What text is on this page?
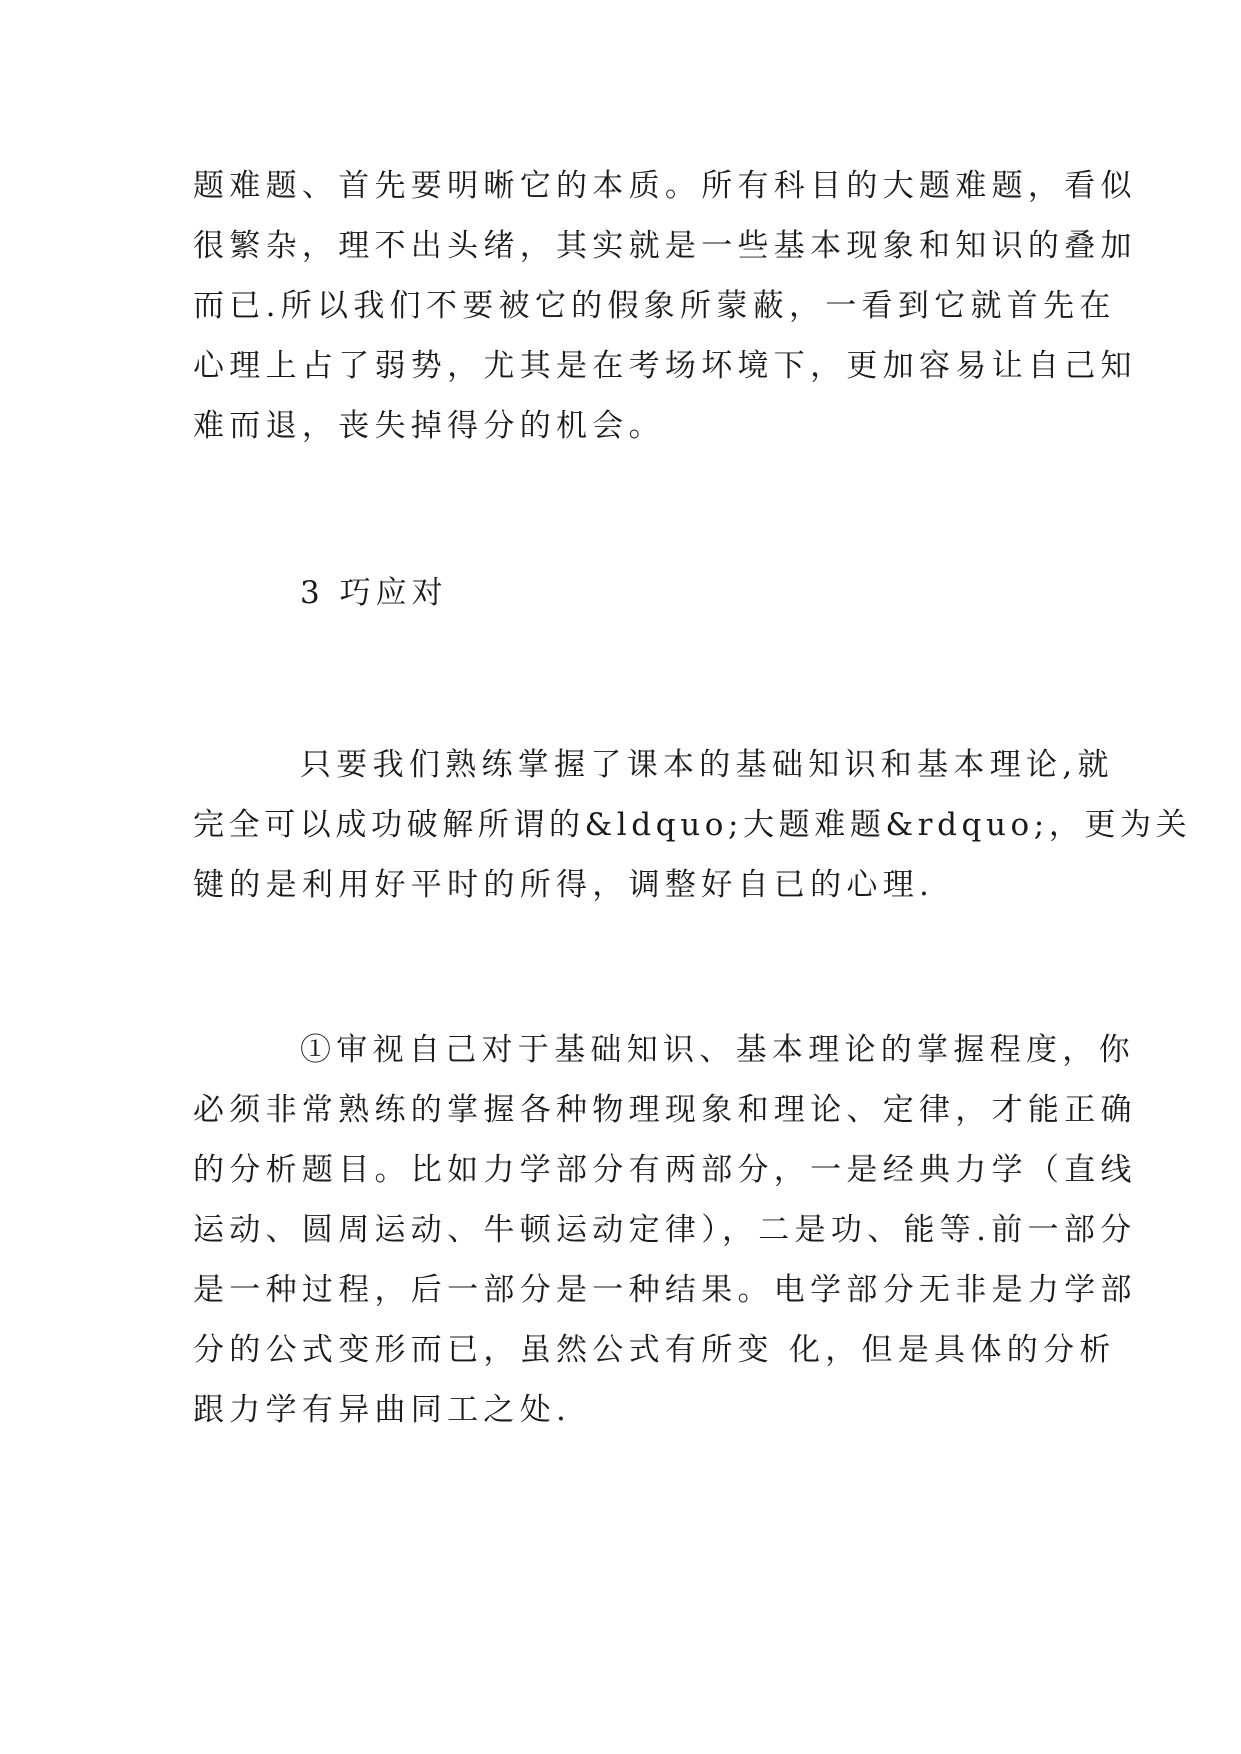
题难题、首先要明晰它的本质。所有科目的大题难题，看似
很繁杂，理不出头绪，其实就是一些基本现象和知识的叠加
而已.所以我们不要被它的假象所蒙蔽，一看到它就首先在
心理上占了弱势，尤其是在考场坏境下，更加容易让自己知
难而退，丧失掉得分的机会。
3 巧应对
只要我们熟练掌握了课本的基础知识和基本理论,就
完全可以成功破解所谓的&ldquo;大题难题&rdquo;，更为关
键的是利用好平时的所得，调整好自已的心理.
①审视自己对于基础知识、基本理论的掌握程度，你
必须非常熟练的掌握各种物理现象和理论、定律，才能正确
的分析题目。比如力学部分有两部分，一是经典力学（直线
运动、圆周运动、牛顿运动定律），二是功、能等.前一部分
是一种过程，后一部分是一种结果。电学部分无非是力学部
分的公式变形而已，虽然公式有所变 化，但是具体的分析
跟力学有异曲同工之处.
